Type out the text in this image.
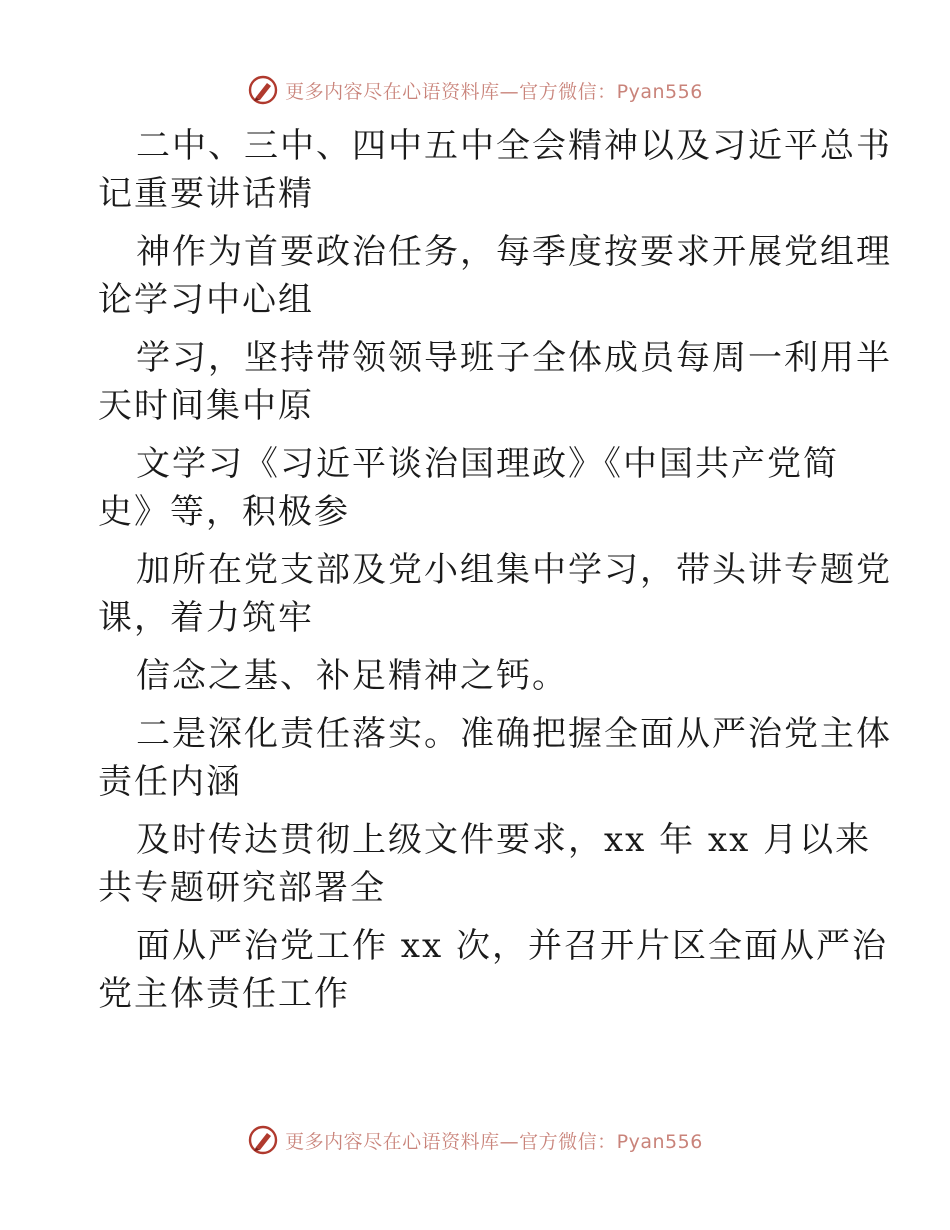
更多内容尽在心语资料库—官方微信：Pyan556

二中、三中、四中五中全会精神以及习近平总书
记重要讲话精

神作为首要政治任务，每季度按要求开展党组理
论学习中心组

学习，坚持带领领导班子全体成员每周一利用半
天时间集中原

文学习《习近平谈治国理政》《中国共产党简
史》等，积极参

加所在党支部及党小组集中学习，带头讲专题党
课，着力筑牢

信念之基、补足精神之钙。

二是深化责任落实。准确把握全面从严治党主体
责任内涵

及时传达贯彻上级文件要求，xx 年 xx 月以来
共专题研究部署全

面从严治党工作 xx 次，并召开片区全面从严治
党主体责任工作

更多内容尽在心语资料库—官方微信：Pyan556
